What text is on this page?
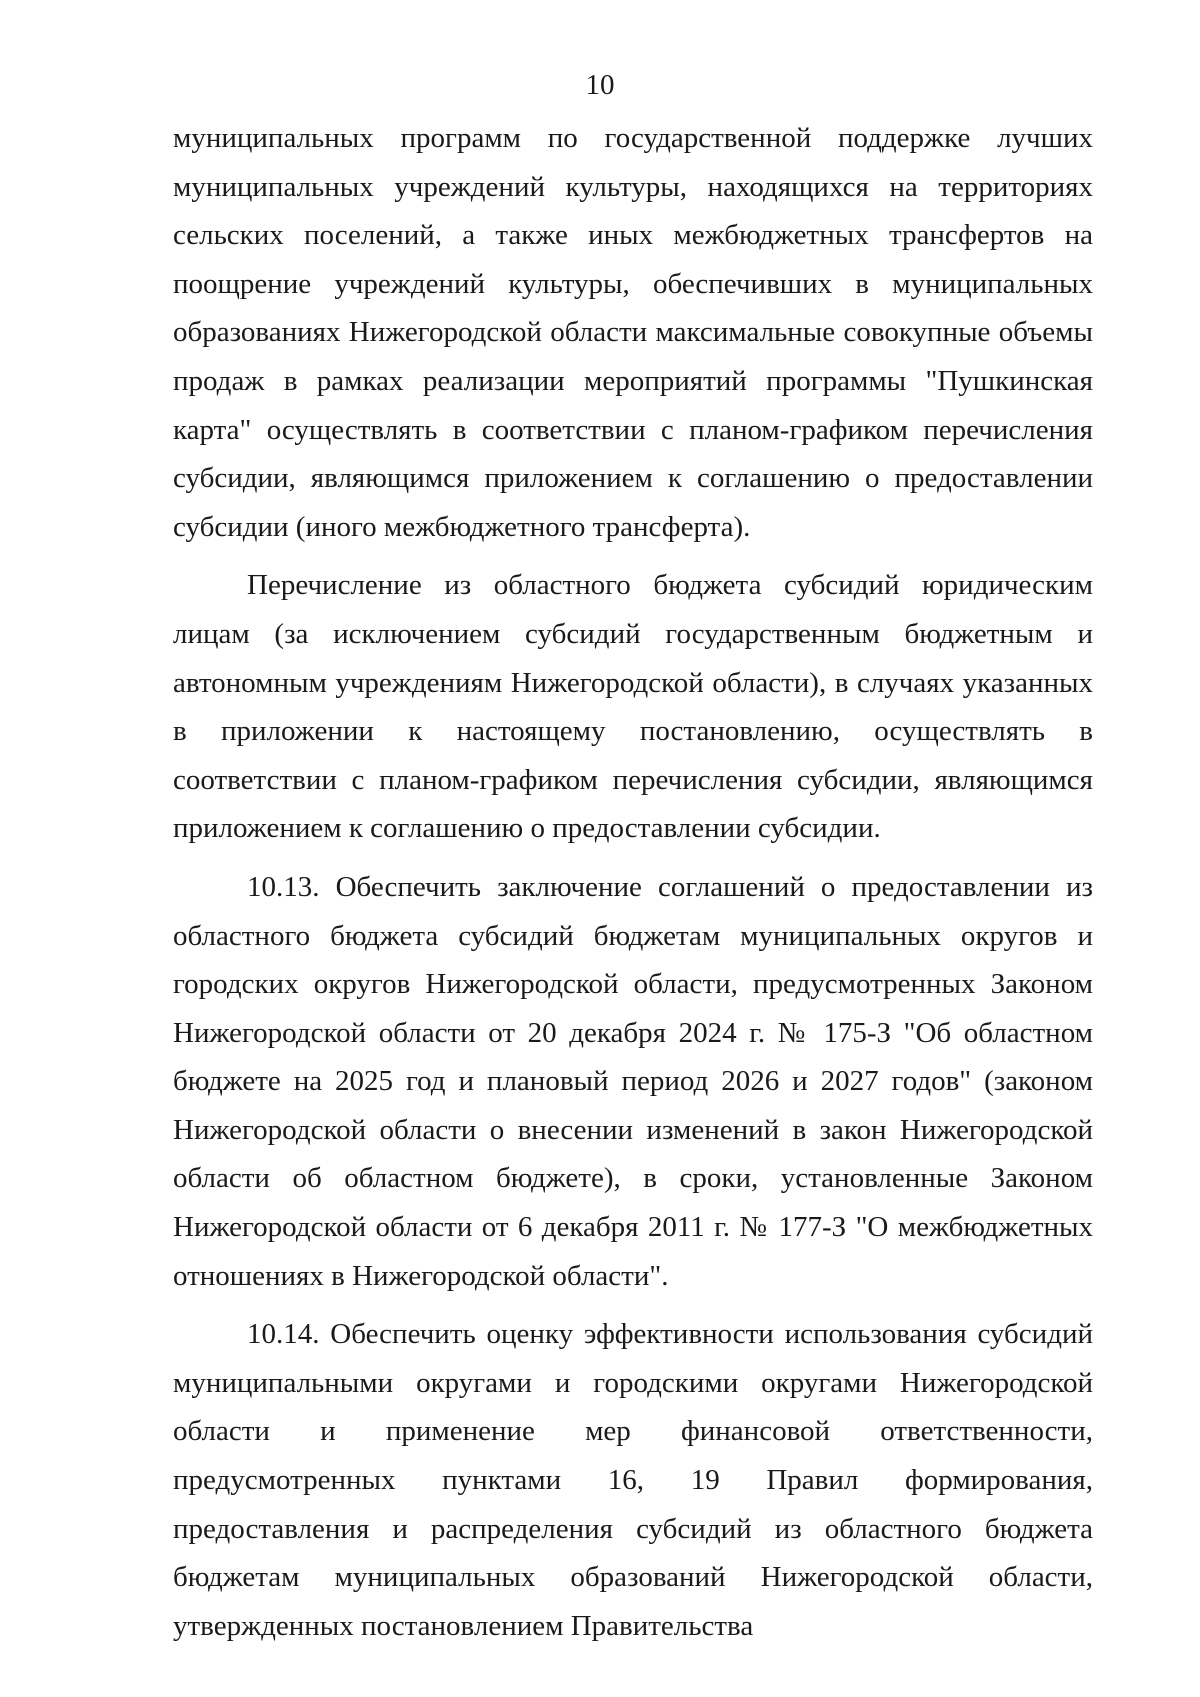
10

муниципальных программ по государственной поддержке лучших муниципальных учреждений культуры, находящихся на территориях сельских поселений, а также иных межбюджетных трансфертов на поощрение учреждений культуры, обеспечивших в муниципальных образованиях Нижегородской области максимальные совокупные объемы продаж в рамках реализации мероприятий программы "Пушкинская карта" осуществлять в соответствии с планом-графиком перечисления субсидии, являющимся приложением к соглашению о предоставлении субсидии (иного межбюджетного трансферта).

Перечисление из областного бюджета субсидий юридическим лицам (за исключением субсидий государственным бюджетным и автономным учреждениям Нижегородской области), в случаях указанных в приложении к настоящему постановлению, осуществлять в соответствии с планом-графиком перечисления субсидии, являющимся приложением к соглашению о предоставлении субсидии.

10.13. Обеспечить заключение соглашений о предоставлении из областного бюджета субсидий бюджетам муниципальных округов и городских округов Нижегородской области, предусмотренных Законом Нижегородской области от 20 декабря 2024 г. № 175-З "Об областном бюджете на 2025 год и плановый период 2026 и 2027 годов" (законом Нижегородской области о внесении изменений в закон Нижегородской области об областном бюджете), в сроки, установленные Законом Нижегородской области от 6 декабря 2011 г. № 177-З "О межбюджетных отношениях в Нижегородской области".

10.14. Обеспечить оценку эффективности использования субсидий муниципальными округами и городскими округами Нижегородской области и применение мер финансовой ответственности, предусмотренных пунктами 16, 19 Правил формирования, предоставления и распределения субсидий из областного бюджета бюджетам муниципальных образований Нижегородской области, утвержденных постановлением Правительства
